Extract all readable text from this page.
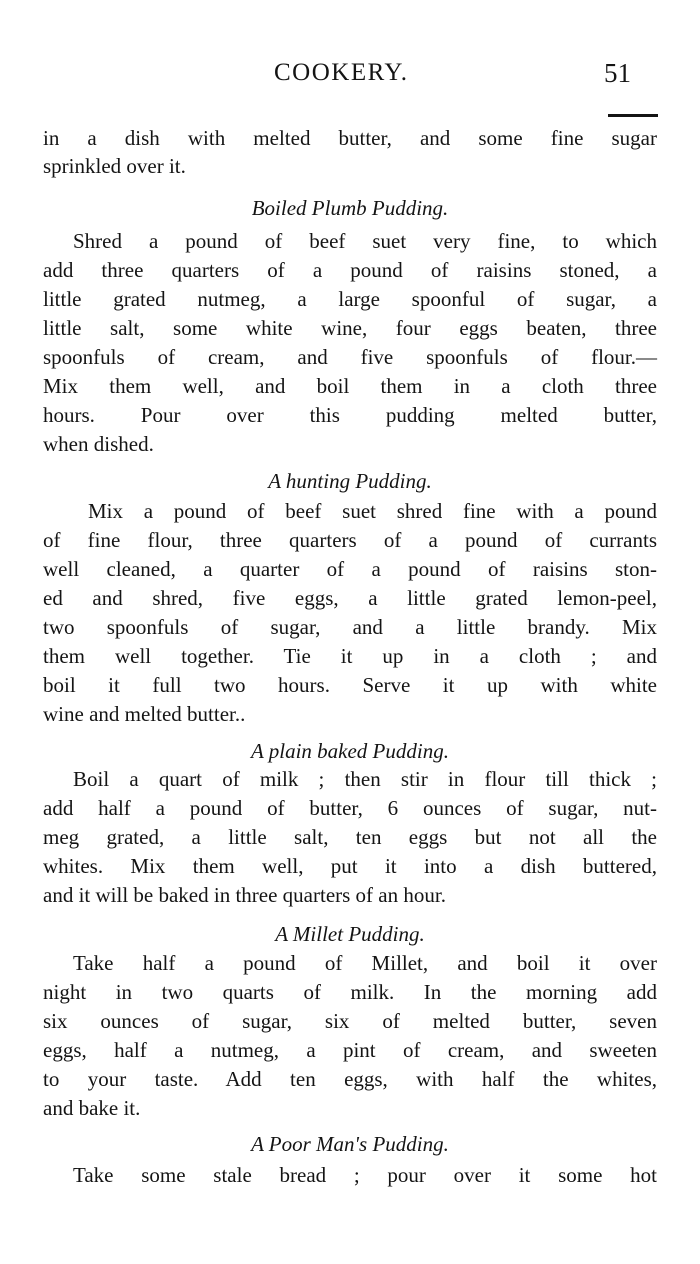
COOKERY.	51
in a dish with melted butter, and some fine sugar
sprinkled over it.
Boiled Plumb Pudding.
Shred a pound of beef suet very fine, to which
add three quarters of a pound of raisins stoned, a
little grated nutmeg, a large spoonful of sugar, a
little salt, some white wine, four eggs beaten, three
spoonfuls of cream, and five spoonfuls of flour.—
Mix them well, and boil them in a cloth three
hours. Pour over this pudding melted butter,
when dished.
A hunting Pudding.
Mix a pound of beef suet shred fine with a pound
of fine flour, three quarters of a pound of currants
well cleaned, a quarter of a pound of raisins ston-
ed and shred, five eggs, a little grated lemon-peel,
two spoonfuls of sugar, and a little brandy. Mix
them well together. Tie it up in a cloth ; and
boil it full two hours. Serve it up with white
wine and melted butter..
A plain baked Pudding.
Boil a quart of milk ; then stir in flour till thick ;
add half a pound of butter, 6 ounces of sugar, nut-
meg grated, a little salt, ten eggs but not all the
whites. Mix them well, put it into a dish buttered,
and it will be baked in three quarters of an hour.
A Millet Pudding.
Take half a pound of Millet, and boil it over
night in two quarts of milk. In the morning add
six ounces of sugar, six of melted butter, seven
eggs, half a nutmeg, a pint of cream, and sweeten
to your taste. Add ten eggs, with half the whites,
and bake it.
A Poor Man's Pudding.
Take some stale bread ; pour over it some hot
